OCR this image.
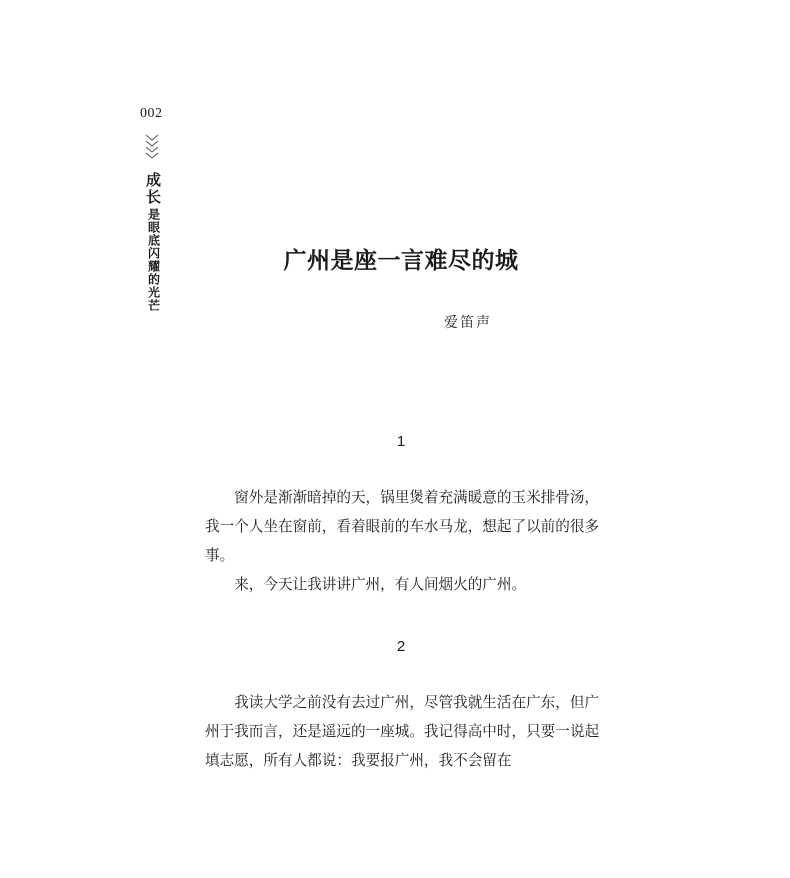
002
成长
是眼底闪耀的光芒	广州是座一言难尽的城
爱笛声
1

窗外是渐渐暗掉的天，锅里煲着充满暖意的玉米排骨汤，我一个人坐在窗前，看着眼前的车水马龙，想起了以前的很多事。

来，今天让我讲讲广州，有人间烟火的广州。

2

我读大学之前没有去过广州，尽管我就生活在广东，但广州于我而言，还是遥远的一座城。我记得高中时，只要一说起填志愿，所有人都说：我要报广州，我不会留在
